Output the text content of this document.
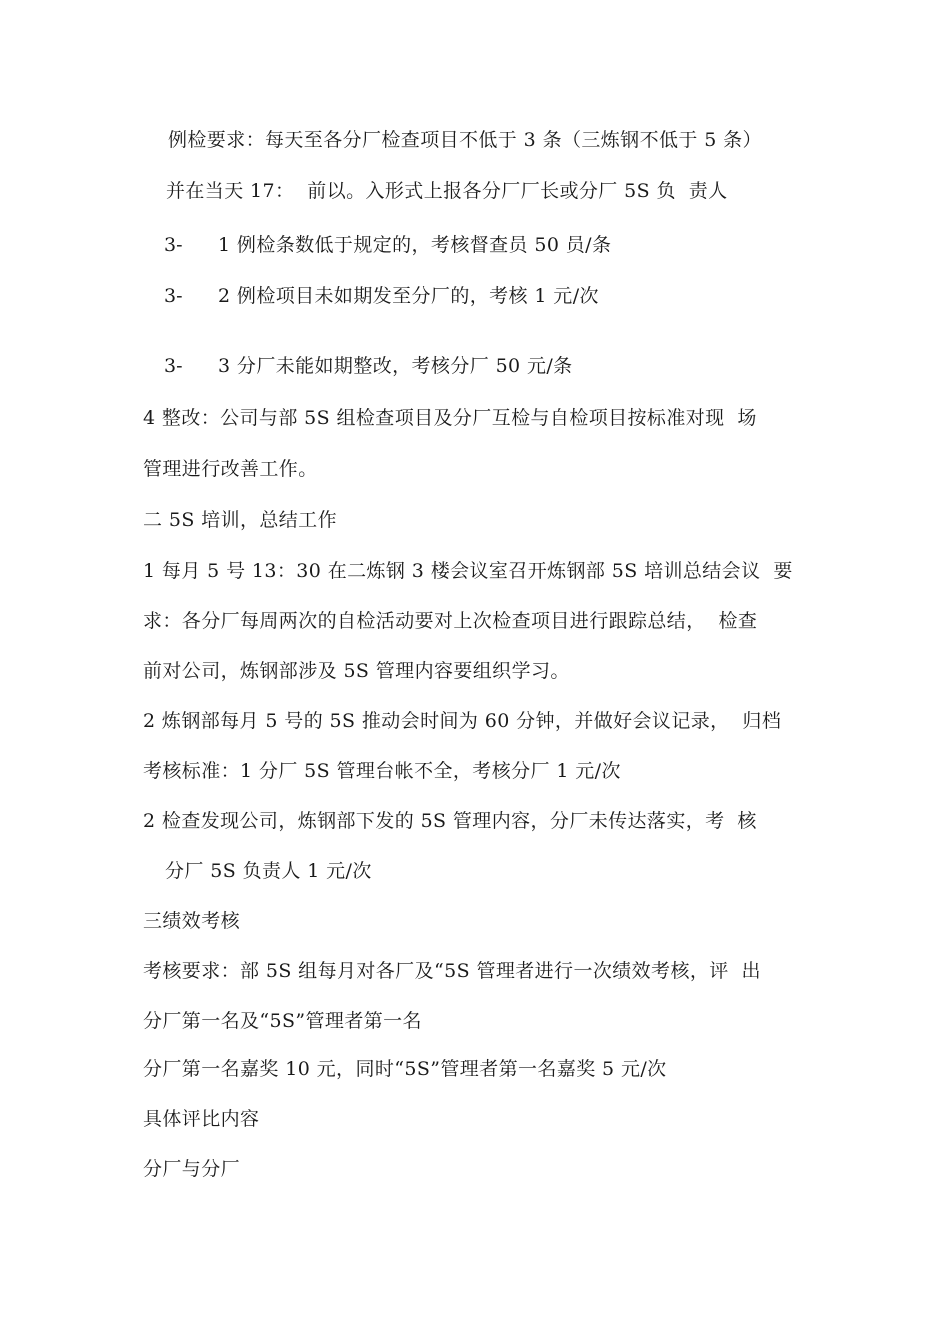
例检要求：每天至各分厂检查项目不低于 3 条（三炼钢不低于 5 条）
并在当天 17：  前以。入形式上报各分厂厂长或分厂 5S 负  责人
3- 1 例检条数低于规定的，考核督查员 50 员/条
3- 2 例检项目未如期发至分厂的，考核 1 元/次
3- 3 分厂未能如期整改，考核分厂 50 元/条
4 整改：公司与部 5S 组检查项目及分厂互检与自检项目按标准对现  场
管理进行改善工作。
二 5S 培训，总结工作
1 每月 5 号 13：30 在二炼钢 3 楼会议室召开炼钢部 5S 培训总结会议  要
求：各分厂每周两次的自检活动要对上次检查项目进行跟踪总结，  检查
前对公司，炼钢部涉及 5S 管理内容要组织学习。
2 炼钢部每月 5 号的 5S 推动会时间为 60 分钟，并做好会议记录，  归档
考核标准：1 分厂 5S 管理台帐不全，考核分厂 1 元/次
2 检查发现公司，炼钢部下发的 5S 管理内容，分厂未传达落实，考  核
分厂 5S 负责人 1 元/次
三绩效考核
考核要求：部 5S 组每月对各厂及“5S 管理者进行一次绩效考核，评  出
分厂第一名及“5S”管理者第一名
分厂第一名嘉奖 10 元，同时“5S”管理者第一名嘉奖 5 元/次
具体评比内容
分厂与分厂
